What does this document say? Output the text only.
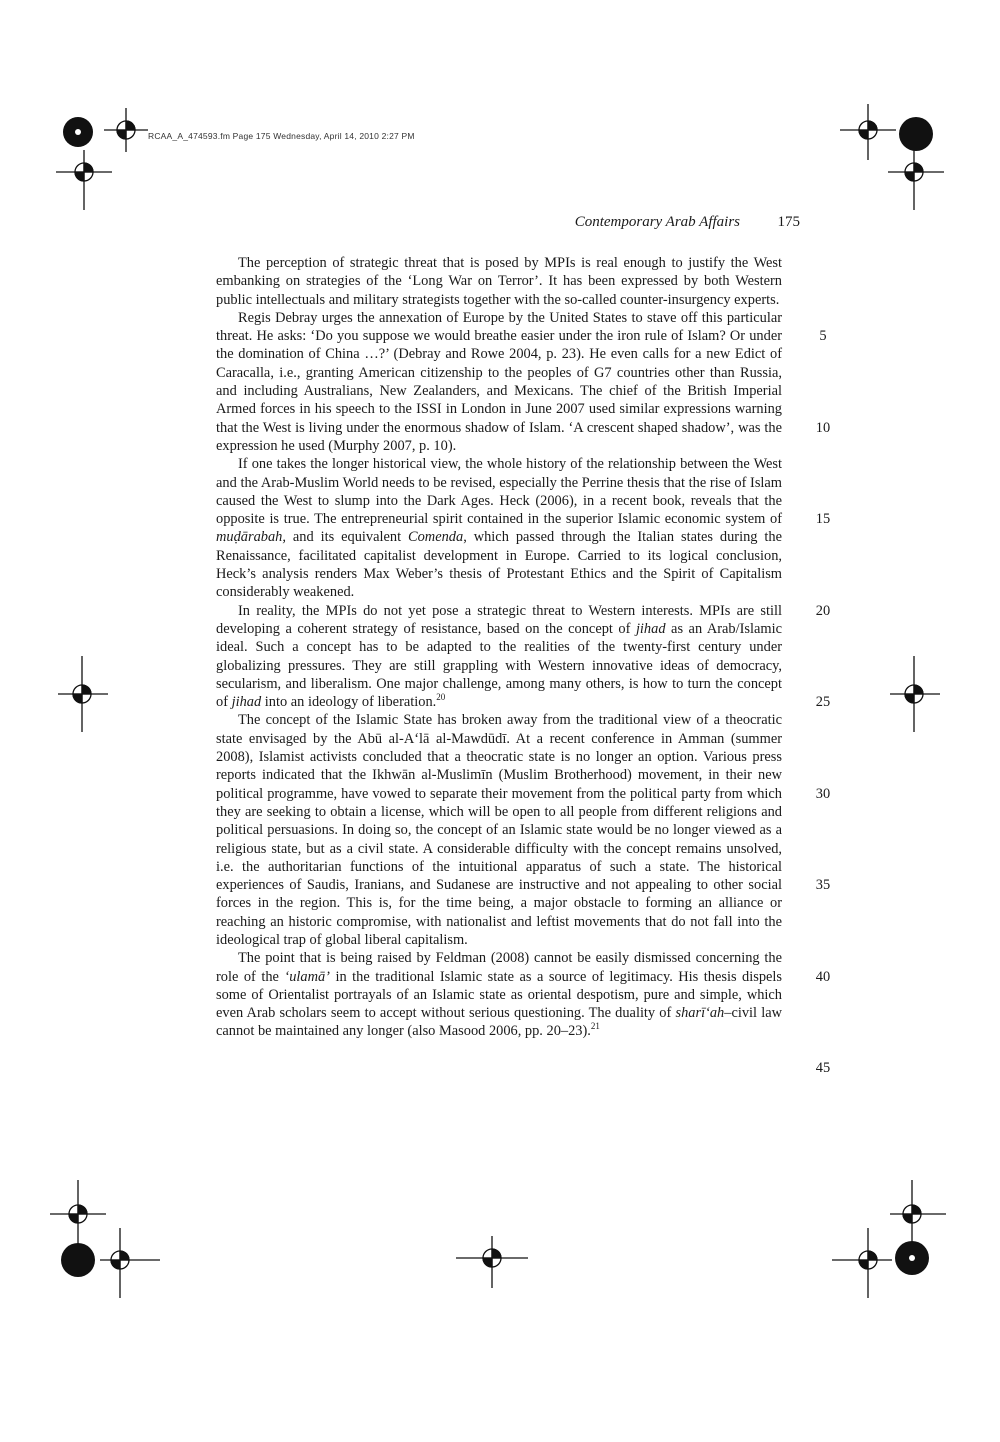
RCAA_A_474593.fm Page 175 Wednesday, April 14, 2010 2:27 PM
Contemporary Arab Affairs	175

The perception of strategic threat that is posed by MPIs is real enough to justify the West embanking on strategies of the ‘Long War on Terror’. It has been expressed by both Western public intellectuals and military strategists together with the so-called counter-insurgency experts.

Regis Debray urges the annexation of Europe by the United States to stave off this particular threat. He asks: ‘Do you suppose we would breathe easier under the iron rule of Islam? Or under the domination of China …?’ (Debray and Rowe 2004, p. 23). He even calls for a new Edict of Caracalla, i.e., granting American citizenship to the peoples of G7 countries other than Russia, and including Australians, New Zealanders, and Mexicans. The chief of the British Imperial Armed forces in his speech to the ISSI in London in June 2007 used similar expressions warning that the West is living under the enormous shadow of Islam. ‘A crescent shaped shadow’, was the expression he used (Murphy 2007, p. 10).

If one takes the longer historical view, the whole history of the relationship between the West and the Arab-Muslim World needs to be revised, especially the Perrine thesis that the rise of Islam caused the West to slump into the Dark Ages. Heck (2006), in a recent book, reveals that the opposite is true. The entrepreneurial spirit contained in the superior Islamic economic system of muḍārabah, and its equivalent Comenda, which passed through the Italian states during the Renaissance, facilitated capitalist development in Europe. Carried to its logical conclusion, Heck’s analysis renders Max Weber’s thesis of Protestant Ethics and the Spirit of Capitalism considerably weakened.

In reality, the MPIs do not yet pose a strategic threat to Western interests. MPIs are still developing a coherent strategy of resistance, based on the concept of jihad as an Arab/Islamic ideal. Such a concept has to be adapted to the realities of the twenty-first century under globalizing pressures. They are still grappling with Western innovative ideas of democracy, secularism, and liberalism. One major challenge, among many others, is how to turn the concept of jihad into an ideology of liberation.$^{20}$

The concept of the Islamic State has broken away from the traditional view of a theocratic state envisaged by the Abū al-A‘lā al-Mawdūdī. At a recent conference in Amman (summer 2008), Islamist activists concluded that a theocratic state is no longer an option. Various press reports indicated that the Ikhwān al-Muslimīn (Muslim Brotherhood) movement, in their new political programme, have vowed to separate their movement from the political party from which they are seeking to obtain a license, which will be open to all people from different religions and political persuasions. In doing so, the concept of an Islamic state would be no longer viewed as a religious state, but as a civil state. A considerable difficulty with the concept remains unsolved, i.e. the authoritarian functions of the intuitional apparatus of such a state. The historical experiences of Saudis, Iranians, and Sudanese are instructive and not appealing to other social forces in the region. This is, for the time being, a major obstacle to forming an alliance or reaching an historic compromise, with nationalist and leftist movements that do not fall into the ideological trap of global liberal capitalism.

The point that is being raised by Feldman (2008) cannot be easily dismissed concerning the role of the ‘ulamā’ in the traditional Islamic state as a source of legitimacy. His thesis dispels some of Orientalist portrayals of an Islamic state as oriental despotism, pure and simple, which even Arab scholars seem to accept without serious questioning. The duality of sharī‘ah–civil law cannot be maintained any longer (also Masood 2006, pp. 20–23).$^{21}$

5
10
15
20
25
30
35
40
45
